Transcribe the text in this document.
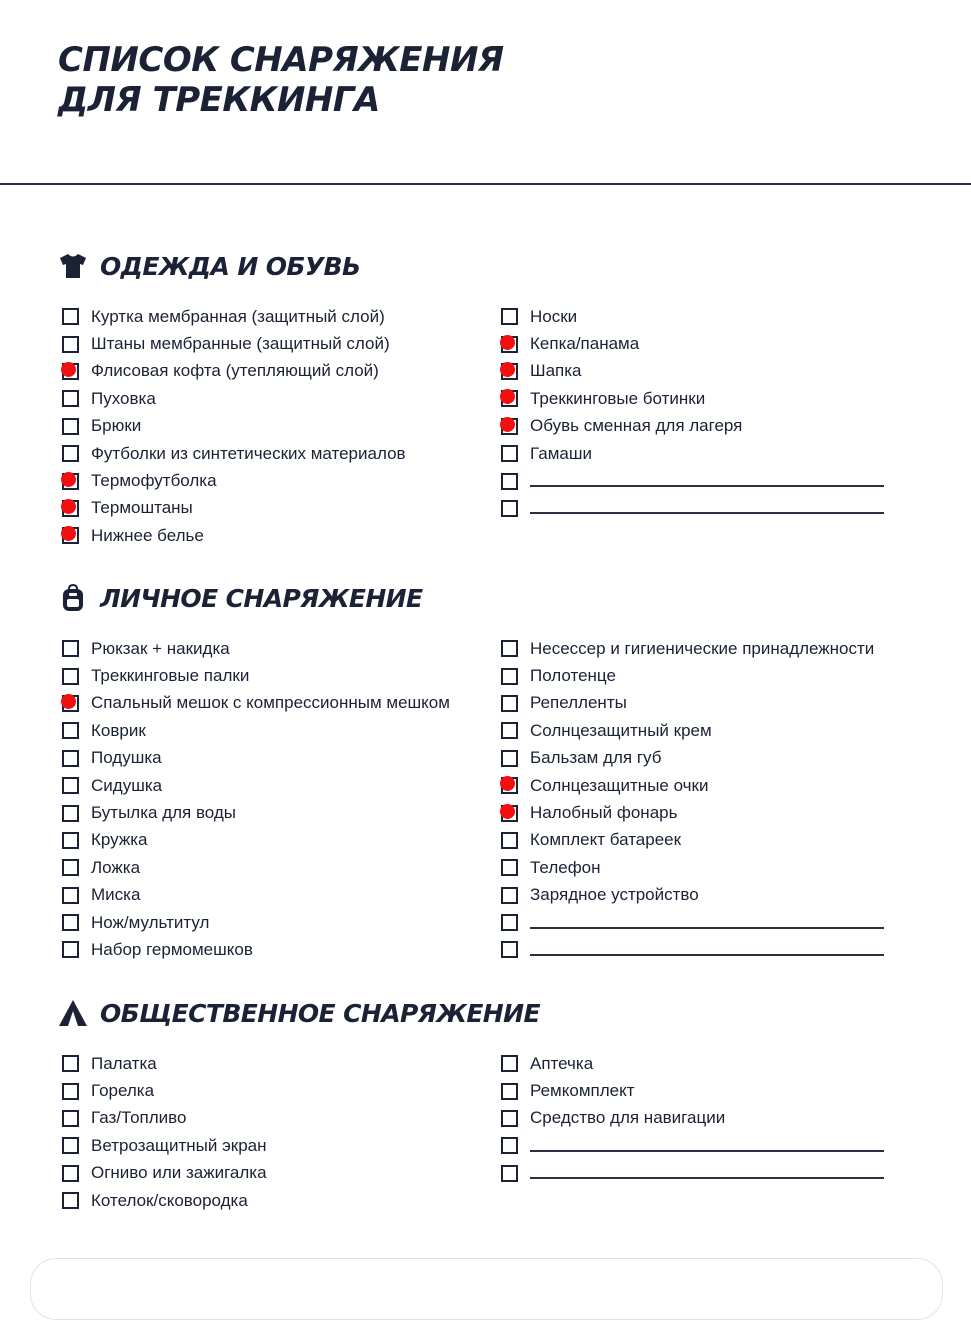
СПИСОК СНАРЯЖЕНИЯ
ДЛЯ ТРЕККИНГА
ОДЕЖДА И ОБУВЬ
Куртка мембранная (защитный слой)
Штаны мембранные (защитный слой)
Флисовая кофта (утепляющий слой)
Пуховка
Брюки
Футболки из синтетических материалов
Термофутболка
Термоштаны
Нижнее белье
Носки
Кепка/панама
Шапка
Треккинговые ботинки
Обувь сменная для лагеря
Гамаши
ЛИЧНОЕ СНАРЯЖЕНИЕ
Рюкзак + накидка
Треккинговые палки
Спальный мешок с компрессионным мешком
Коврик
Подушка
Сидушка
Бутылка для воды
Кружка
Ложка
Миска
Нож/мультитул
Набор гермомешков
Несессер и гигиенические принадлежности
Полотенце
Репелленты
Солнцезащитный крем
Бальзам для губ
Солнцезащитные очки
Налобный фонарь
Комплект батареек
Телефон
Зарядное устройство
ОБЩЕСТВЕННОЕ СНАРЯЖЕНИЕ
Палатка
Горелка
Газ/Топливо
Ветрозащитный экран
Огниво или зажигалка
Котелок/сковородка
Аптечка
Ремкомплект
Средство для навигации
